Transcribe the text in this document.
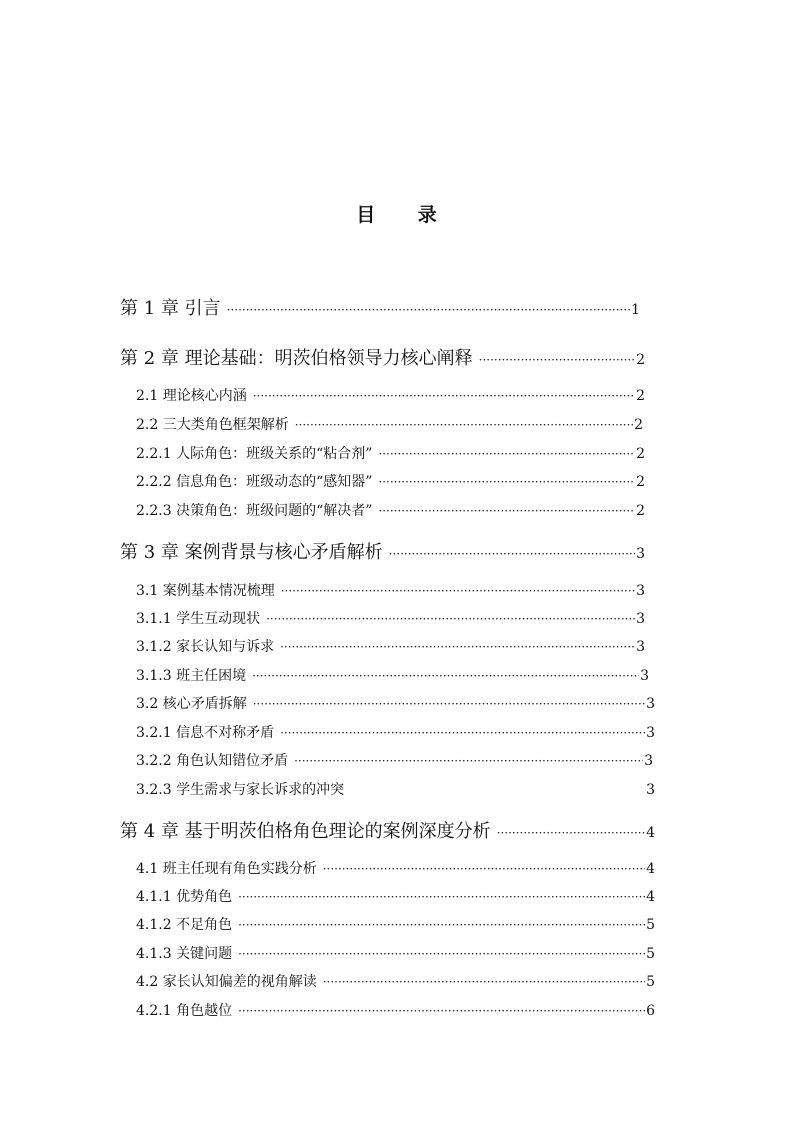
目 录
第 1 章 引言 ·····	1
第 2 章 理论基础：明茨伯格领导力核心阐释 ·····	2
2.1 理论核心内涵 ·····	2
2.2 三大类角色框架解析 ·····	2
2.2.1 人际角色：班级关系的“粘合剂” ·····	2
2.2.2 信息角色：班级动态的“感知器” ·····	2
2.2.3 决策角色：班级问题的“解决者” ·····	2
第 3 章 案例背景与核心矛盾解析 ·····	3
3.1 案例基本情况梳理 ·····	3
3.1.1 学生互动现状 ·····	3
3.1.2 家长认知与诉求 ·····	3
3.1.3 班主任困境 ·····	3
3.2 核心矛盾拆解 ·····	3
3.2.1 信息不对称矛盾 ·····	3
3.2.2 角色认知错位矛盾 ·····	3
3.2.3 学生需求与家长诉求的冲突	3
第 4 章 基于明茨伯格角色理论的案例深度分析 ·····	4
4.1 班主任现有角色实践分析 ·····	4
4.1.1 优势角色 ·····	4
4.1.2 不足角色 ·····	5
4.1.3 关键问题 ·····	5
4.2 家长认知偏差的视角解读 ·····	5
4.2.1 角色越位 ·····	6
